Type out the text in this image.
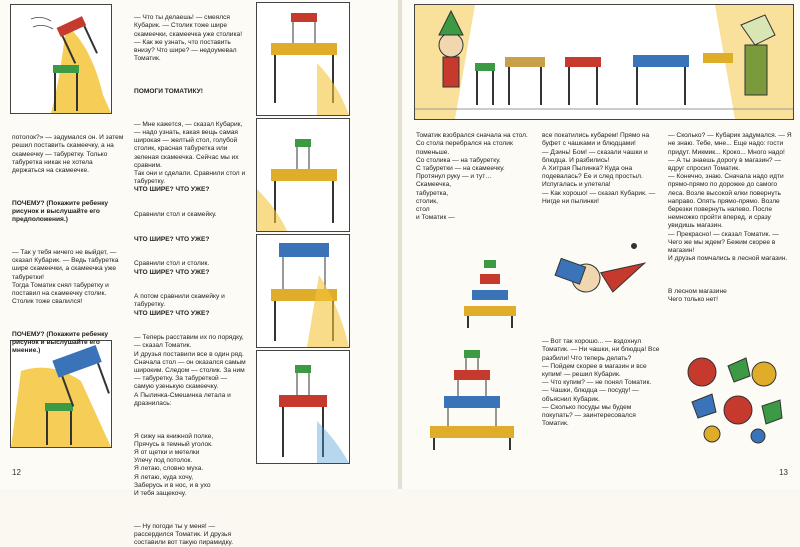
потолок?» — задумался он. И затем решил поставить скамеечку, а на скамеечку — табуретку. Только табуретка никак не хотела держаться на скамеечке.

ПОЧЕМУ? (Покажите ребенку рисунок и выслушайте его предположения.)

— Так у тебя ничего не выйдет, — сказал Кубарик. — Ведь табуретка шире скамеечки, а скамеечка уже табуретки!
Тогда Томатик снял табуретку и поставил на скамеечку столик. Столик тоже свалился!

ПОЧЕМУ? (Покажите ребенку рисунок и выслушайте его мнение.)

— Что ты делаешь! — смеялся Кубарик. — Столик тоже шире скамеечки, скамеечка уже столика!
— Как же узнать, что поставить внизу? Что шире? — недоумевал Томатик.

ПОМОГИ ТОМАТИКУ!

— Мне кажется, — сказал Кубарик, — надо узнать, какая вещь самая широкая — желтый стол, голубой столик, красная табуретка или зеленая скамеечка. Сейчас мы их сравним.
Так они и сделали. Сравнили стол и табуретку.
ЧТО ШИРЕ? ЧТО УЖЕ?

Сравнили стол и скамейку.

ЧТО ШИРЕ? ЧТО УЖЕ?

Сравнили стол и столик.
ЧТО ШИРЕ? ЧТО УЖЕ?

А потом сравнили скамейку и табуретку.
ЧТО ШИРЕ? ЧТО УЖЕ?

— Теперь расставим их по порядку, — сказал Томатик.
И друзья поставили все в один ряд. Сначала стол — он оказался самым широким. Следом — столик. За ним — табуретку. За табуреткой — самую узенькую скамеечку.
А Пылинка-Смешинка летала и дразнилась:

Я сижу на книжной полке,
Прячусь в темный уголок.
Я от щетки и метелки
Улечу под потолок.
Я летаю, словно муха.
Я летаю, куда хочу,
Заберусь и в нос, и в ухо
И тебя защекочу.

— Ну погоди ты у меня! — рассердился Томатик. И друзья составили вот такую пирамидку.

12

Томатик взобрался сначала на стол.
Со стола перебрался на столик поменьше.
Со столика — на табуретку.
С табуретки — на скамеечку.
Протянул руку — и тут…
Скамеечка,
табуретка,
столик,
стол
и Томатик —

все покатились кубарем! Прямо на буфет с чашками и блюдцами!
— Дзинь! Бом! — сказали чашки и блюдца. И разбились!
А Хитрая Пылинка? Куда она подевалась? Ее и след простыл. Испугалась и улетела!
— Как хорошо! — сказал Кубарик. — Нигде ни пылинки!

— Сколько? — Кубарик задумался. — Я не знаю. Тебе, мне... Еще надо: гости придут. Микмик... Кроко... Много надо!
— А ты знаешь дорогу в магазин? — вдруг спросил Томатик.
— Конечно, знаю. Сначала надо идти прямо-прямо по дорожке до самого леса. Возле высокой елки повернуть направо. Опять прямо-прямо. Возле березки повернуть налево. После немножко пройти вперед, и сразу увидишь магазин.
— Прекрасно! — сказал Томатик. — Чего же мы ждем? Бежим скорее в магазин!
И друзья помчались в лесной магазин.

В лесном магазине
Чего только нет!

— Вот так хорошо... — вздохнул Томатик. — Ни чашки, ни блюдца! Все разбили! Что теперь делать?
— Пойдем скорее в магазин и все купим! — решил Кубарик.
— Что купим? — не понял Томатик.
— Чашки, блюдца — посуду! — объяснил Кубарик.
— Сколько посуды мы будем покупать? — заинтересовался Томатик.

13
